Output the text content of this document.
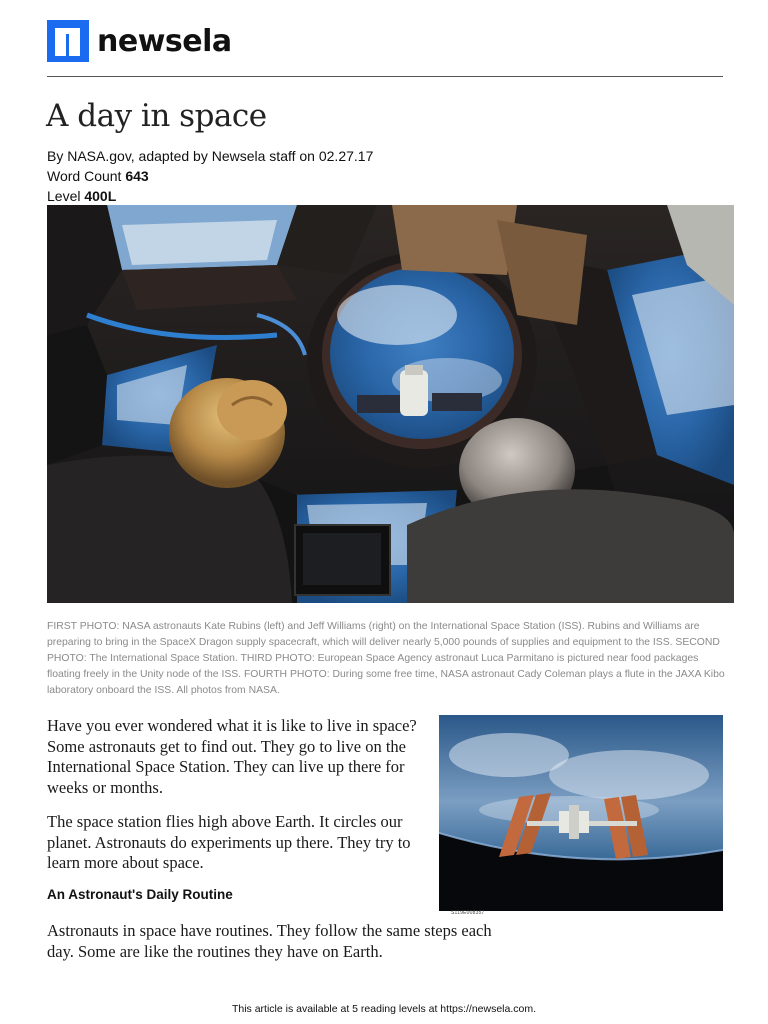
newsela
A day in space
By NASA.gov, adapted by Newsela staff on 02.27.17
Word Count 643
Level 400L
FIRST PHOTO: NASA astronauts Kate Rubins (left) and Jeff Williams (right) on the International Space Station (ISS). Rubins and Williams are preparing to bring in the SpaceX Dragon supply spacecraft, which will deliver nearly 5,000 pounds of supplies and equipment to the ISS. SECOND PHOTO: The International Space Station. THIRD PHOTO: European Space Agency astronaut Luca Parmitano is pictured near food packages floating freely in the Unity node of the ISS. FOURTH PHOTO: During some free time, NASA astronaut Cady Coleman plays a flute in the JAXA Kibo laboratory onboard the ISS. All photos from NASA.

Have you ever wondered what it is like to live in space? Some astronauts get to find out. They go to live on the International Space Station. They can live up there for weeks or months.

The space station flies high above Earth. It circles our planet. Astronauts do experiments up there. They try to learn more about space.

An Astronaut's Daily Routine

Astronauts in space have routines. They follow the same steps each day. Some are like the routines they have on Earth.

S119E008357
This article is available at 5 reading levels at https://newsela.com.
